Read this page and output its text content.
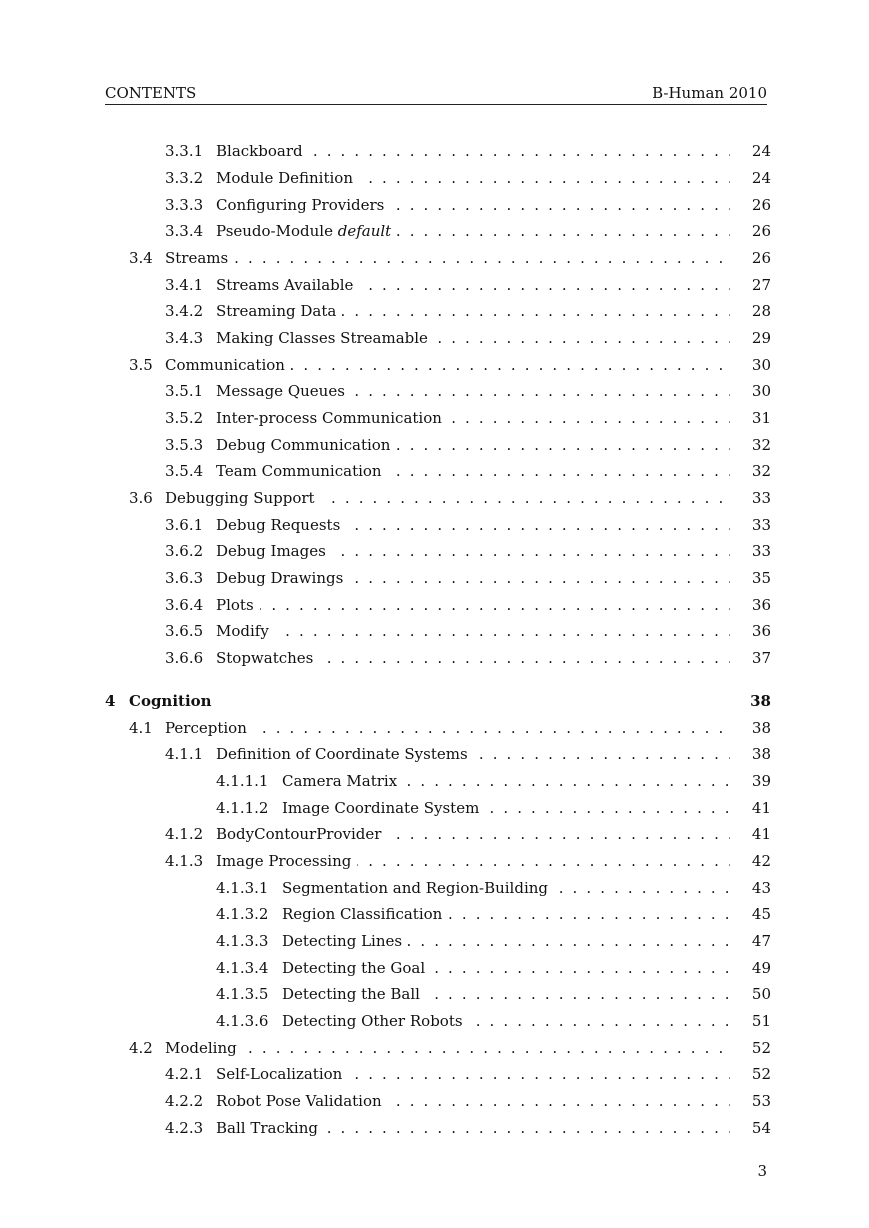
CONTENTS	B-Human 2010
3.3.1 Blackboard . . .	24
3.3.2 Module Definition . . .	24
3.3.3 Configuring Providers . . .	26
3.3.4 Pseudo-Module default . . .	26
3.4 Streams . . .	26
3.4.1 Streams Available . . .	27
3.4.2 Streaming Data . . .	28
3.4.3 Making Classes Streamable . . .	29
3.5 Communication . . .	30
3.5.1 Message Queues . . .	30
3.5.2 Inter-process Communication . . .	31
3.5.3 Debug Communication . . .	32
3.5.4 Team Communication . . .	32
3.6 Debugging Support . . .	33
3.6.1 Debug Requests . . .	33
3.6.2 Debug Images . . .	33
3.6.3 Debug Drawings . . .	35
3.6.4 Plots . . .	36
3.6.5 Modify . . .	36
3.6.6 Stopwatches . . .	37
4 Cognition	38
4.1 Perception . . .	38
4.1.1 Definition of Coordinate Systems . . .	38
4.1.1.1 Camera Matrix . . .	39
4.1.1.2 Image Coordinate System . . .	41
4.1.2 BodyContourProvider . . .	41
4.1.3 Image Processing . . .	42
4.1.3.1 Segmentation and Region-Building . . .	43
4.1.3.2 Region Classification . . .	45
4.1.3.3 Detecting Lines . . .	47
4.1.3.4 Detecting the Goal . . .	49
4.1.3.5 Detecting the Ball . . .	50
4.1.3.6 Detecting Other Robots . . .	51
4.2 Modeling . . .	52
4.2.1 Self-Localization . . .	52
4.2.2 Robot Pose Validation . . .	53
4.2.3 Ball Tracking . . .	54
3
